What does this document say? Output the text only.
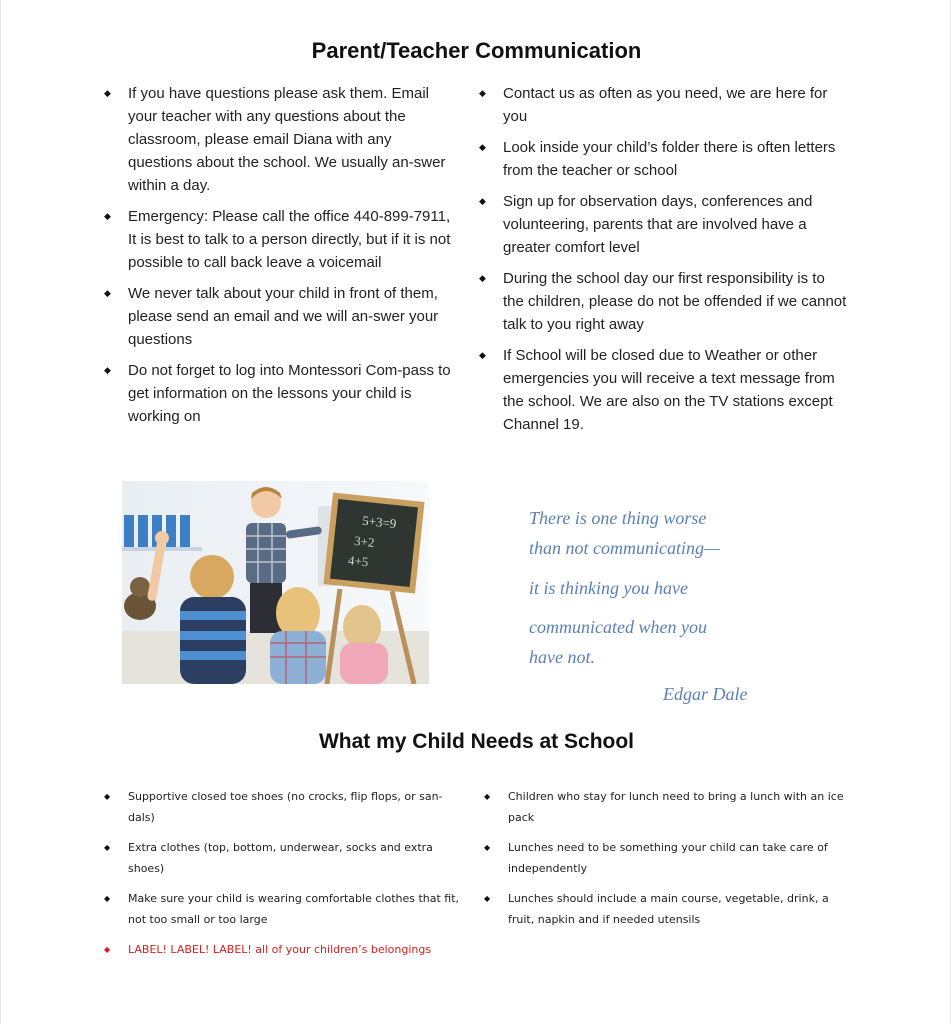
Parent/Teacher Communication
◆ If you have questions please ask them. Email your teacher with any questions about the classroom, please email Diana with any questions about the school. We usually an-swer within a day.
◆ Emergency: Please call the office 440-899-7911, It is best to talk to a person directly, but if it is not possible to call back leave a voicemail
◆ We never talk about your child in front of them, please send an email and we will an-swer your questions
◆ Do not forget to log into Montessori Com-pass to get information on the lessons your child is working on
◆ Contact us as often as you need, we are here for you
◆ Look inside your child’s folder there is often letters from the teacher or school
◆ Sign up for observation days, conferences and volunteering, parents that are involved have a greater comfort level
◆ During the school day our first responsibility is to the children, please do not be offended if we cannot talk to you right away
◆ If School will be closed due to Weather or other emergencies you will receive a text message from the school. We are also on the TV stations except Channel 19.
5+3=9
3+2
4+5
There is one thing worse
than not communicating—
it is thinking you have
communicated when you
have not.
Edgar Dale
What my Child Needs at School
◆ Supportive closed toe shoes (no crocks, flip flops, or san-dals)
◆ Extra clothes (top, bottom, underwear, socks and extra shoes)
◆ Make sure your child is wearing comfortable clothes that fit, not too small or too large
◆ LABEL! LABEL! LABEL! all of your children’s belongings
◆ Children who stay for lunch need to bring a lunch with an ice pack
◆ Lunches need to be something your child can take care of independently
◆ Lunches should include a main course, vegetable, drink, a fruit, napkin and if needed utensils
